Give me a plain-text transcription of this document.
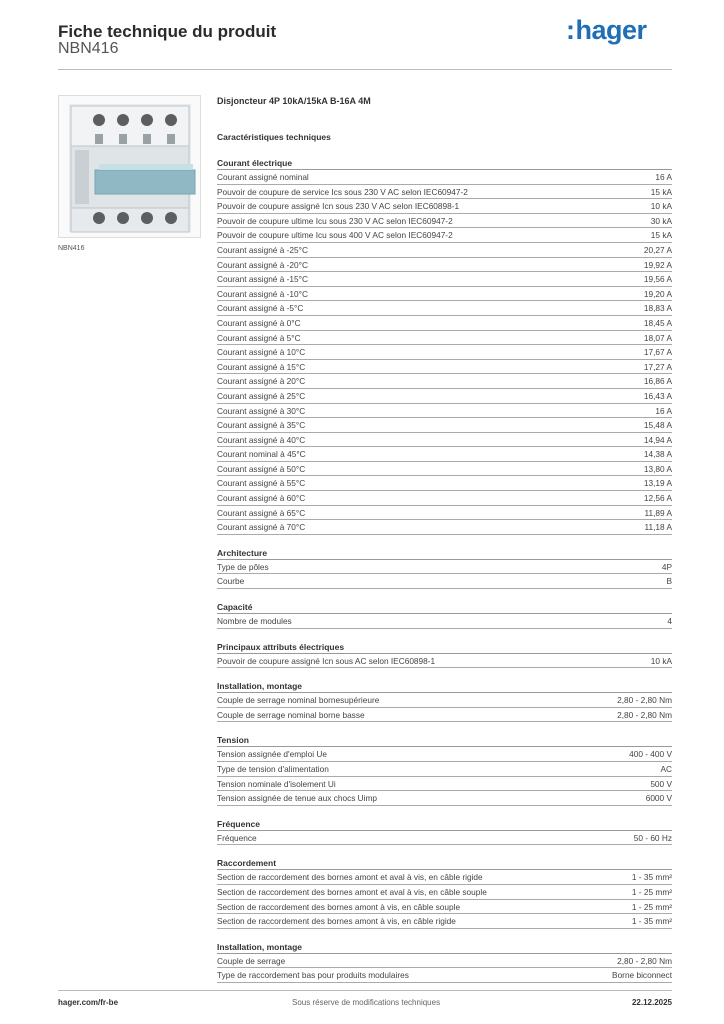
Fiche technique du produit
NBN416
:hager
NBN416
Disjoncteur 4P 10kA/15kA B-16A 4M
Caractéristiques techniques
Courant électrique
Courant assigné nominal	16 A
Pouvoir de coupure de service Ics sous 230 V AC selon IEC60947-2	15 kA
Pouvoir de coupure assigné Icn sous 230 V AC selon IEC60898-1	10 kA
Pouvoir de coupure ultime Icu sous 230 V AC selon IEC60947-2	30 kA
Pouvoir de coupure ultime Icu sous 400 V AC selon IEC60947-2	15 kA
Courant assigné à -25°C	20,27 A
Courant assigné à -20°C	19,92 A
Courant assigné à -15°C	19,56 A
Courant assigné à -10°C	19,20 A
Courant assigné à -5°C	18,83 A
Courant assigné à 0°C	18,45 A
Courant assigné à 5°C	18,07 A
Courant assigné à 10°C	17,67 A
Courant assigné à 15°C	17,27 A
Courant assigné à 20°C	16,86 A
Courant assigné à 25°C	16,43 A
Courant assigné à 30°C	16 A
Courant assigné à 35°C	15,48 A
Courant assigné à 40°C	14,94 A
Courant nominal à 45°C	14,38 A
Courant assigné à 50°C	13,80 A
Courant assigné à 55°C	13,19 A
Courant assigné à 60°C	12,56 A
Courant assigné à 65°C	11,89 A
Courant assigné à 70°C	11,18 A
Architecture
Type de pôles	4P
Courbe	B
Capacité
Nombre de modules	4
Principaux attributs électriques
Pouvoir de coupure assigné Icn sous AC selon IEC60898-1	10 kA
Installation, montage
Couple de serrage nominal bornesupérieure	2,80 - 2,80 Nm
Couple de serrage nominal borne basse	2,80 - 2,80 Nm
Tension
Tension assignée d'emploi Ue	400 - 400 V
Type de tension d'alimentation	AC
Tension nominale d'isolement Ui	500 V
Tension assignée de tenue aux chocs Uimp	6000 V
Fréquence
Fréquence	50 - 60 Hz
Raccordement
Section de raccordement des bornes amont et aval à vis, en câble rigide	1 - 35 mm²
Section de raccordement des bornes amont et aval à vis, en câble souple	1 - 25 mm²
Section de raccordement des bornes amont à vis, en câble souple	1 - 25 mm²
Section de raccordement des bornes amont à vis, en câble rigide	1 - 35 mm²
Installation, montage
Couple de serrage	2,80 - 2,80 Nm
Type de raccordement bas pour produits modulaires	Borne biconnect
hager.com/fr-be	Sous réserve de modifications techniques	22.12.2025
